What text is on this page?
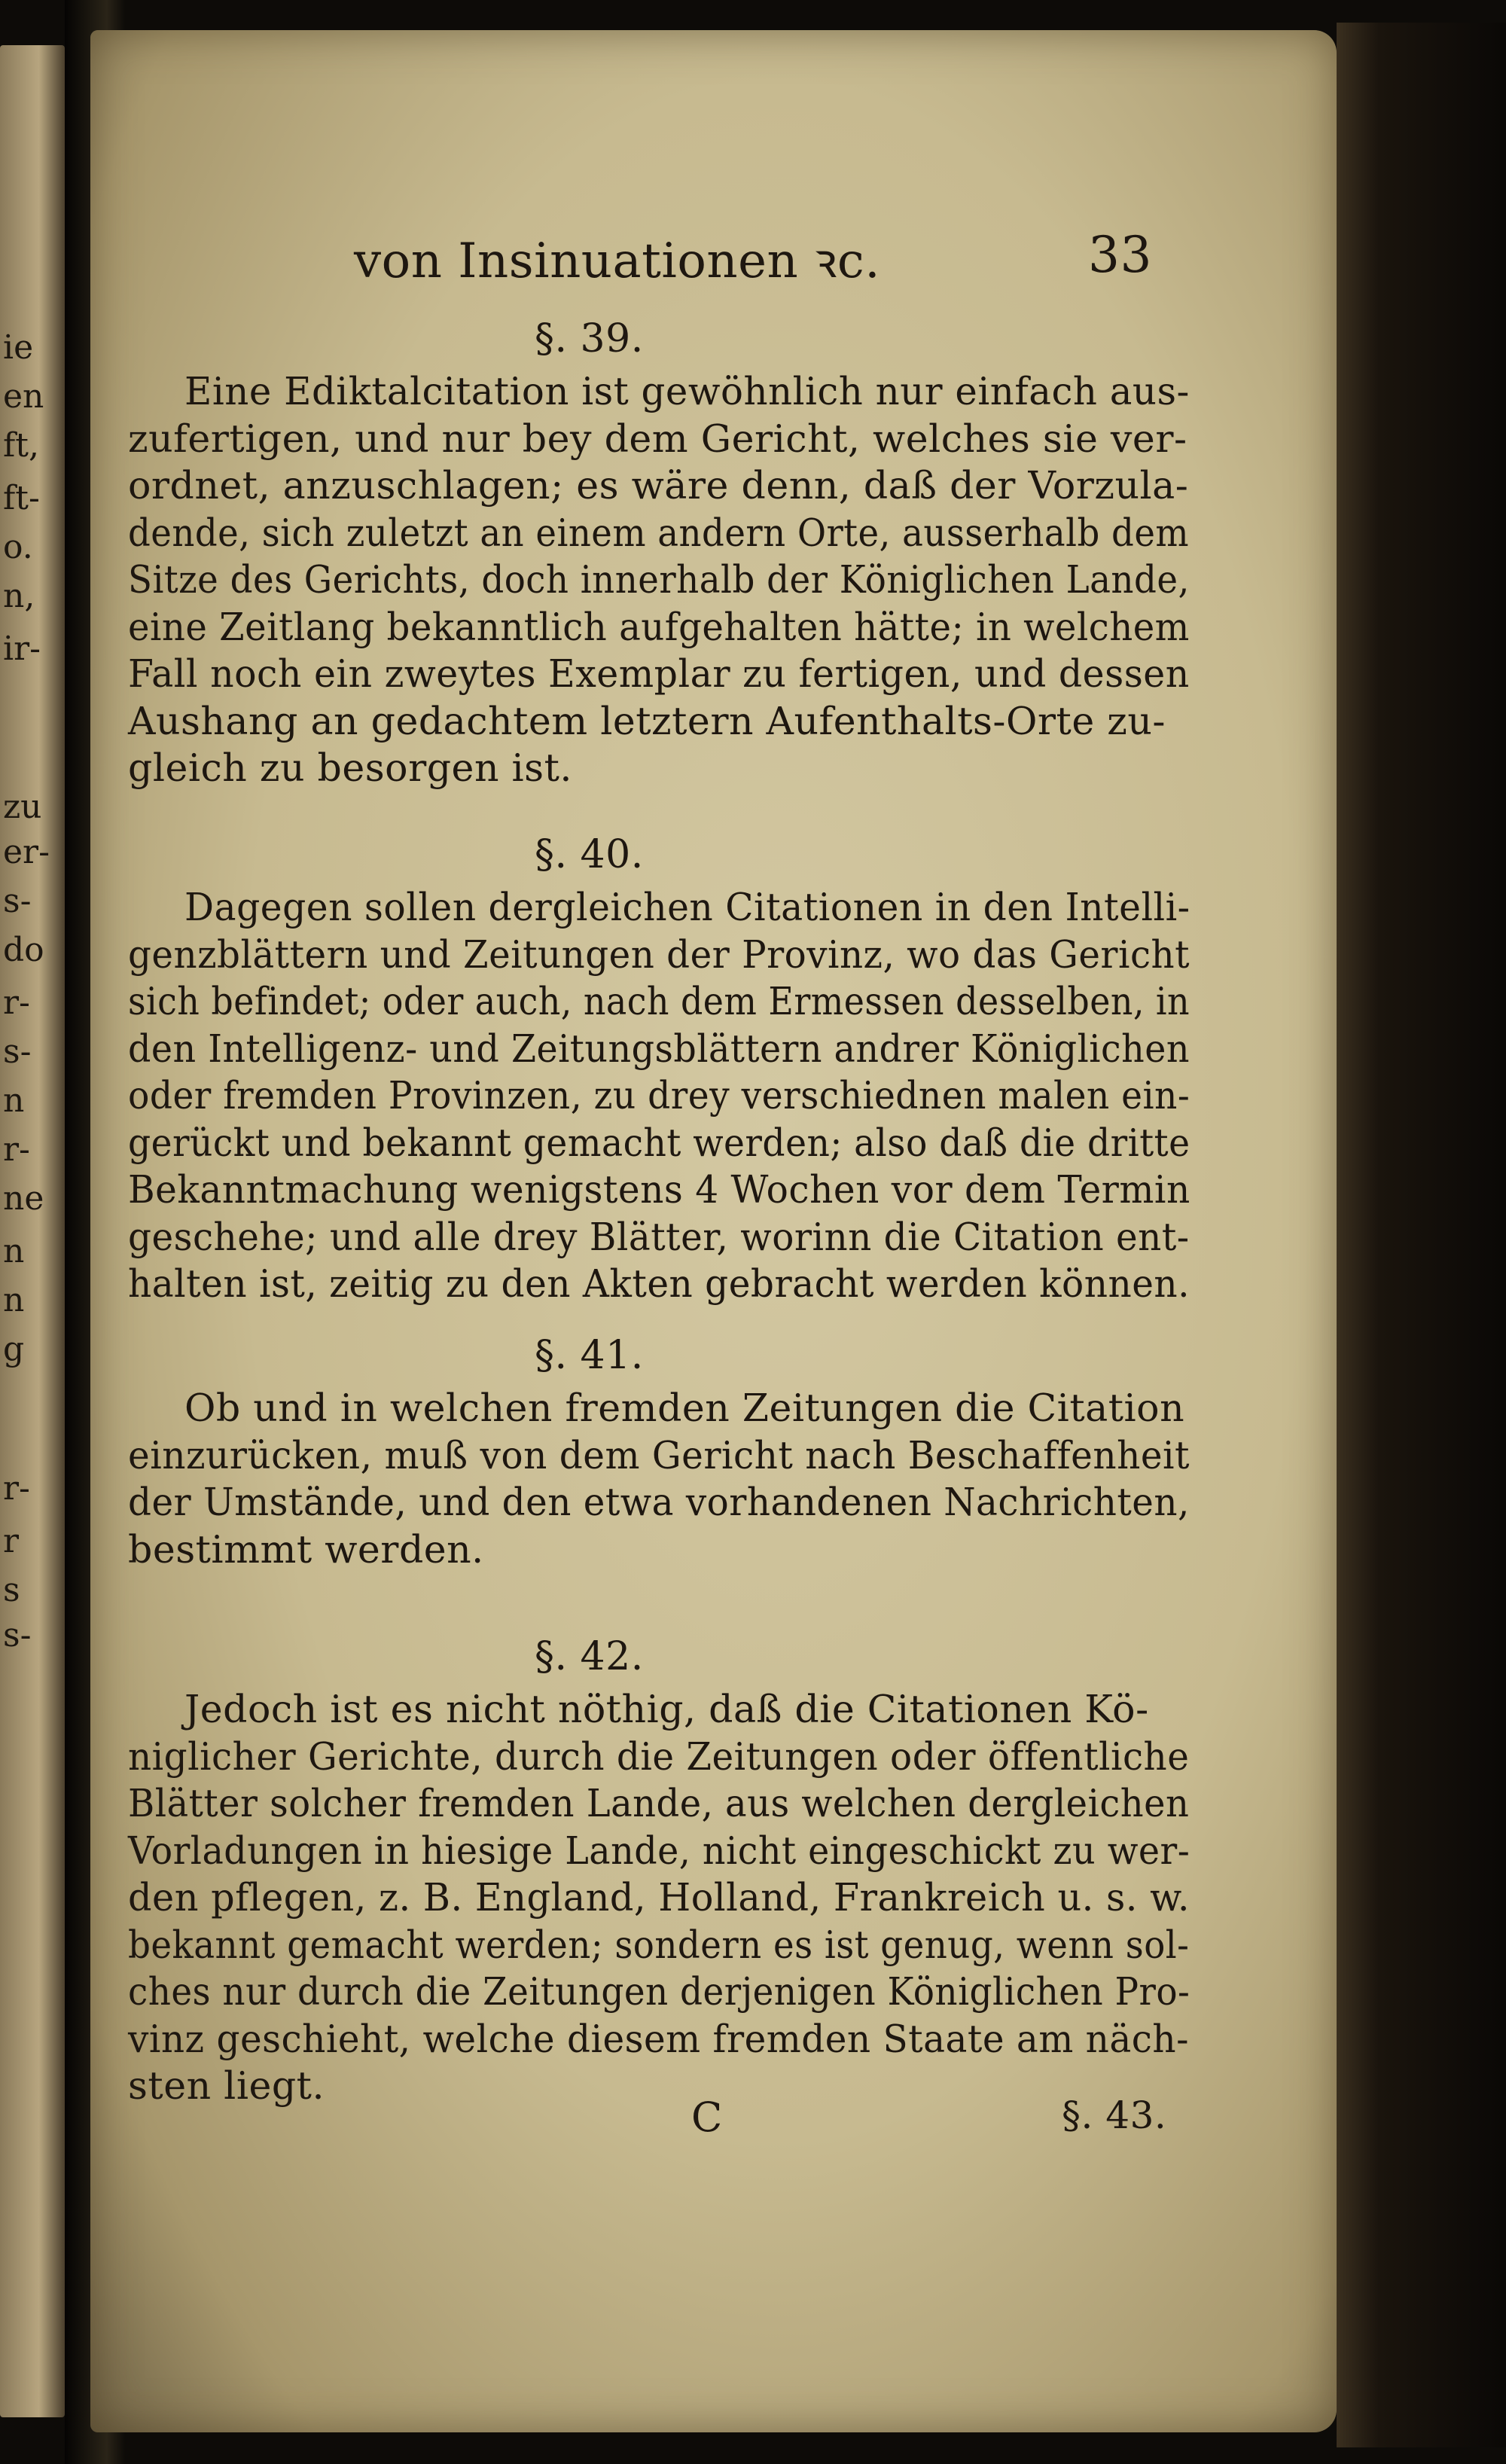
ie
en
ft,
ft-
o.
n,
ir-
zu
er-
s-
do
r-
s-
n
r-
ne
n
n
g
r-
r
s
s-
von Insinuationen ꝛc.	33
§. 39.
Eine Ediktalcitation ist gewöhnlich nur einfach aus-
zufertigen, und nur bey dem Gericht, welches sie ver-
ordnet, anzuschlagen; es wäre denn, daß der Vorzula-
dende, sich zuletzt an einem andern Orte, ausserhalb dem
Sitze des Gerichts, doch innerhalb der Königlichen Lande,
eine Zeitlang bekanntlich aufgehalten hätte; in welchem
Fall noch ein zweytes Exemplar zu fertigen, und dessen
Aushang an gedachtem letztern Aufenthalts-Orte zu-
gleich zu besorgen ist.
§. 40.
Dagegen sollen dergleichen Citationen in den Intelli-
genzblättern und Zeitungen der Provinz, wo das Gericht
sich befindet; oder auch, nach dem Ermessen desselben, in
den Intelligenz- und Zeitungsblättern andrer Königlichen
oder fremden Provinzen, zu drey verschiednen malen ein-
gerückt und bekannt gemacht werden; also daß die dritte
Bekanntmachung wenigstens 4 Wochen vor dem Termin
geschehe; und alle drey Blätter, worinn die Citation ent-
halten ist, zeitig zu den Akten gebracht werden können.
§. 41.
Ob und in welchen fremden Zeitungen die Citation
einzurücken, muß von dem Gericht nach Beschaffenheit
der Umstände, und den etwa vorhandenen Nachrichten,
bestimmt werden.
§. 42.
Jedoch ist es nicht nöthig, daß die Citationen Kö-
niglicher Gerichte, durch die Zeitungen oder öffentliche
Blätter solcher fremden Lande, aus welchen dergleichen
Vorladungen in hiesige Lande, nicht eingeschickt zu wer-
den pflegen, z. B. England, Holland, Frankreich u. s. w.
bekannt gemacht werden; sondern es ist genug, wenn sol-
ches nur durch die Zeitungen derjenigen Königlichen Pro-
vinz geschieht, welche diesem fremden Staate am näch-
sten liegt.
C	§. 43.
